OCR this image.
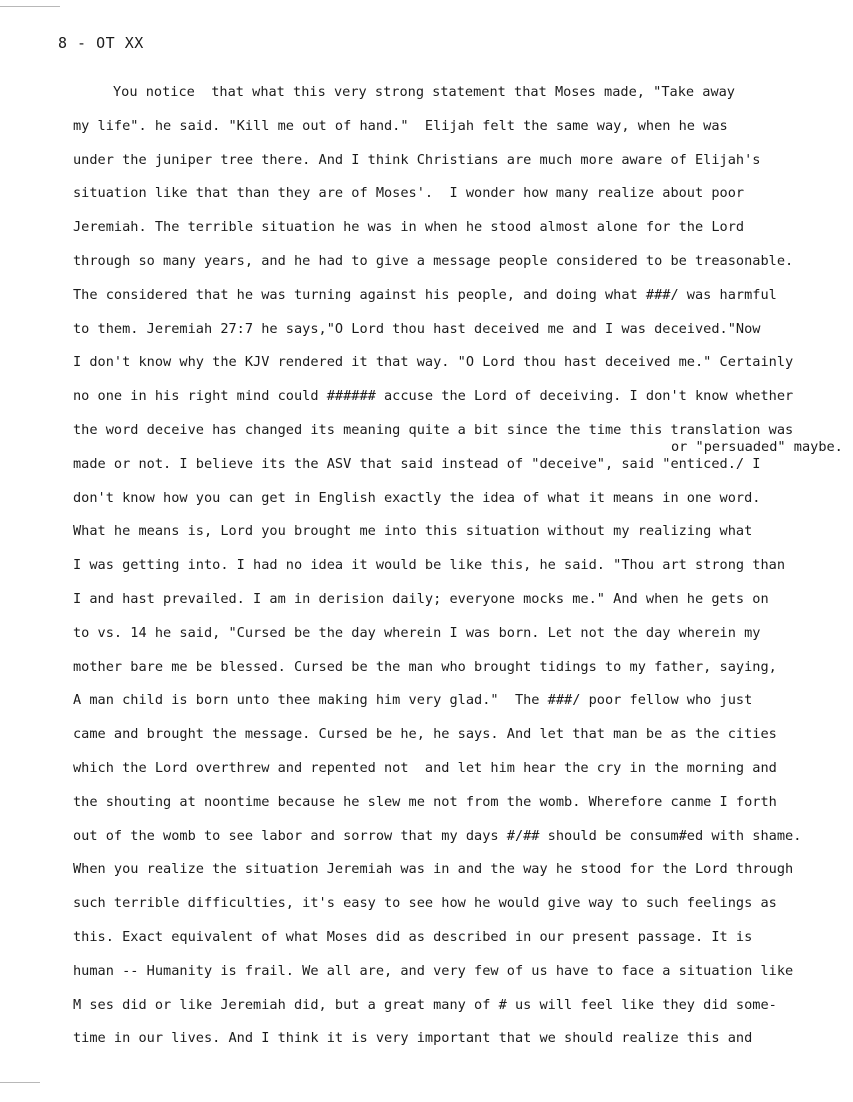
8 - OT XX
You notice  that what this very strong statement that Moses made, "Take away
my life". he said. "Kill me out of hand."  Elijah felt the same way, when he was
under the juniper tree there. And I think Christians are much more aware of Elijah's
situation like that than they are of Moses'.  I wonder how many realize about poor
Jeremiah. The terrible situation he was in when he stood almost alone for the Lord
through so many years, and he had to give a message people considered to be treasonable.
The considered that he was turning against his people, and doing what ###/ was harmful
to them. Jeremiah 27:7 he says,"O Lord thou hast deceived me and I was deceived."Now
I don't know why the KJV rendered it that way. "O Lord thou hast deceived me." Certainly
no one in his right mind could ###### accuse the Lord of deceiving. I don't know whether
the word deceive has changed its meaning quite a bit since the time this translation was

or "persuaded" maybe.

made or not. I believe its the ASV that said instead of "deceive", said "enticed./ I
don't know how you can get in English exactly the idea of what it means in one word.
What he means is, Lord you brought me into this situation without my realizing what
I was getting into. I had no idea it would be like this, he said. "Thou art strong than
I and hast prevailed. I am in derision daily; everyone mocks me." And when he gets on
to vs. 14 he said, "Cursed be the day wherein I was born. Let not the day wherein my
mother bare me be blessed. Cursed be the man who brought tidings to my father, saying,
A man child is born unto thee making him very glad."  The ###/ poor fellow who just
came and brought the message. Cursed be he, he says. And let that man be as the cities
which the Lord overthrew and repented not  and let him hear the cry in the morning and
the shouting at noontime because he slew me not from the womb. Wherefore canme I forth
out of the womb to see labor and sorrow that my days #/## should be consum#ed with shame.
When you realize the situation Jeremiah was in and the way he stood for the Lord through
such terrible difficulties, it's easy to see how he would give way to such feelings as
this. Exact equivalent of what Moses did as described in our present passage. It is
human -- Humanity is frail. We all are, and very few of us have to face a situation like
M ses did or like Jeremiah did, but a great many of # us will feel like they did some-
time in our lives. And I think it is very important that we should realize this and
